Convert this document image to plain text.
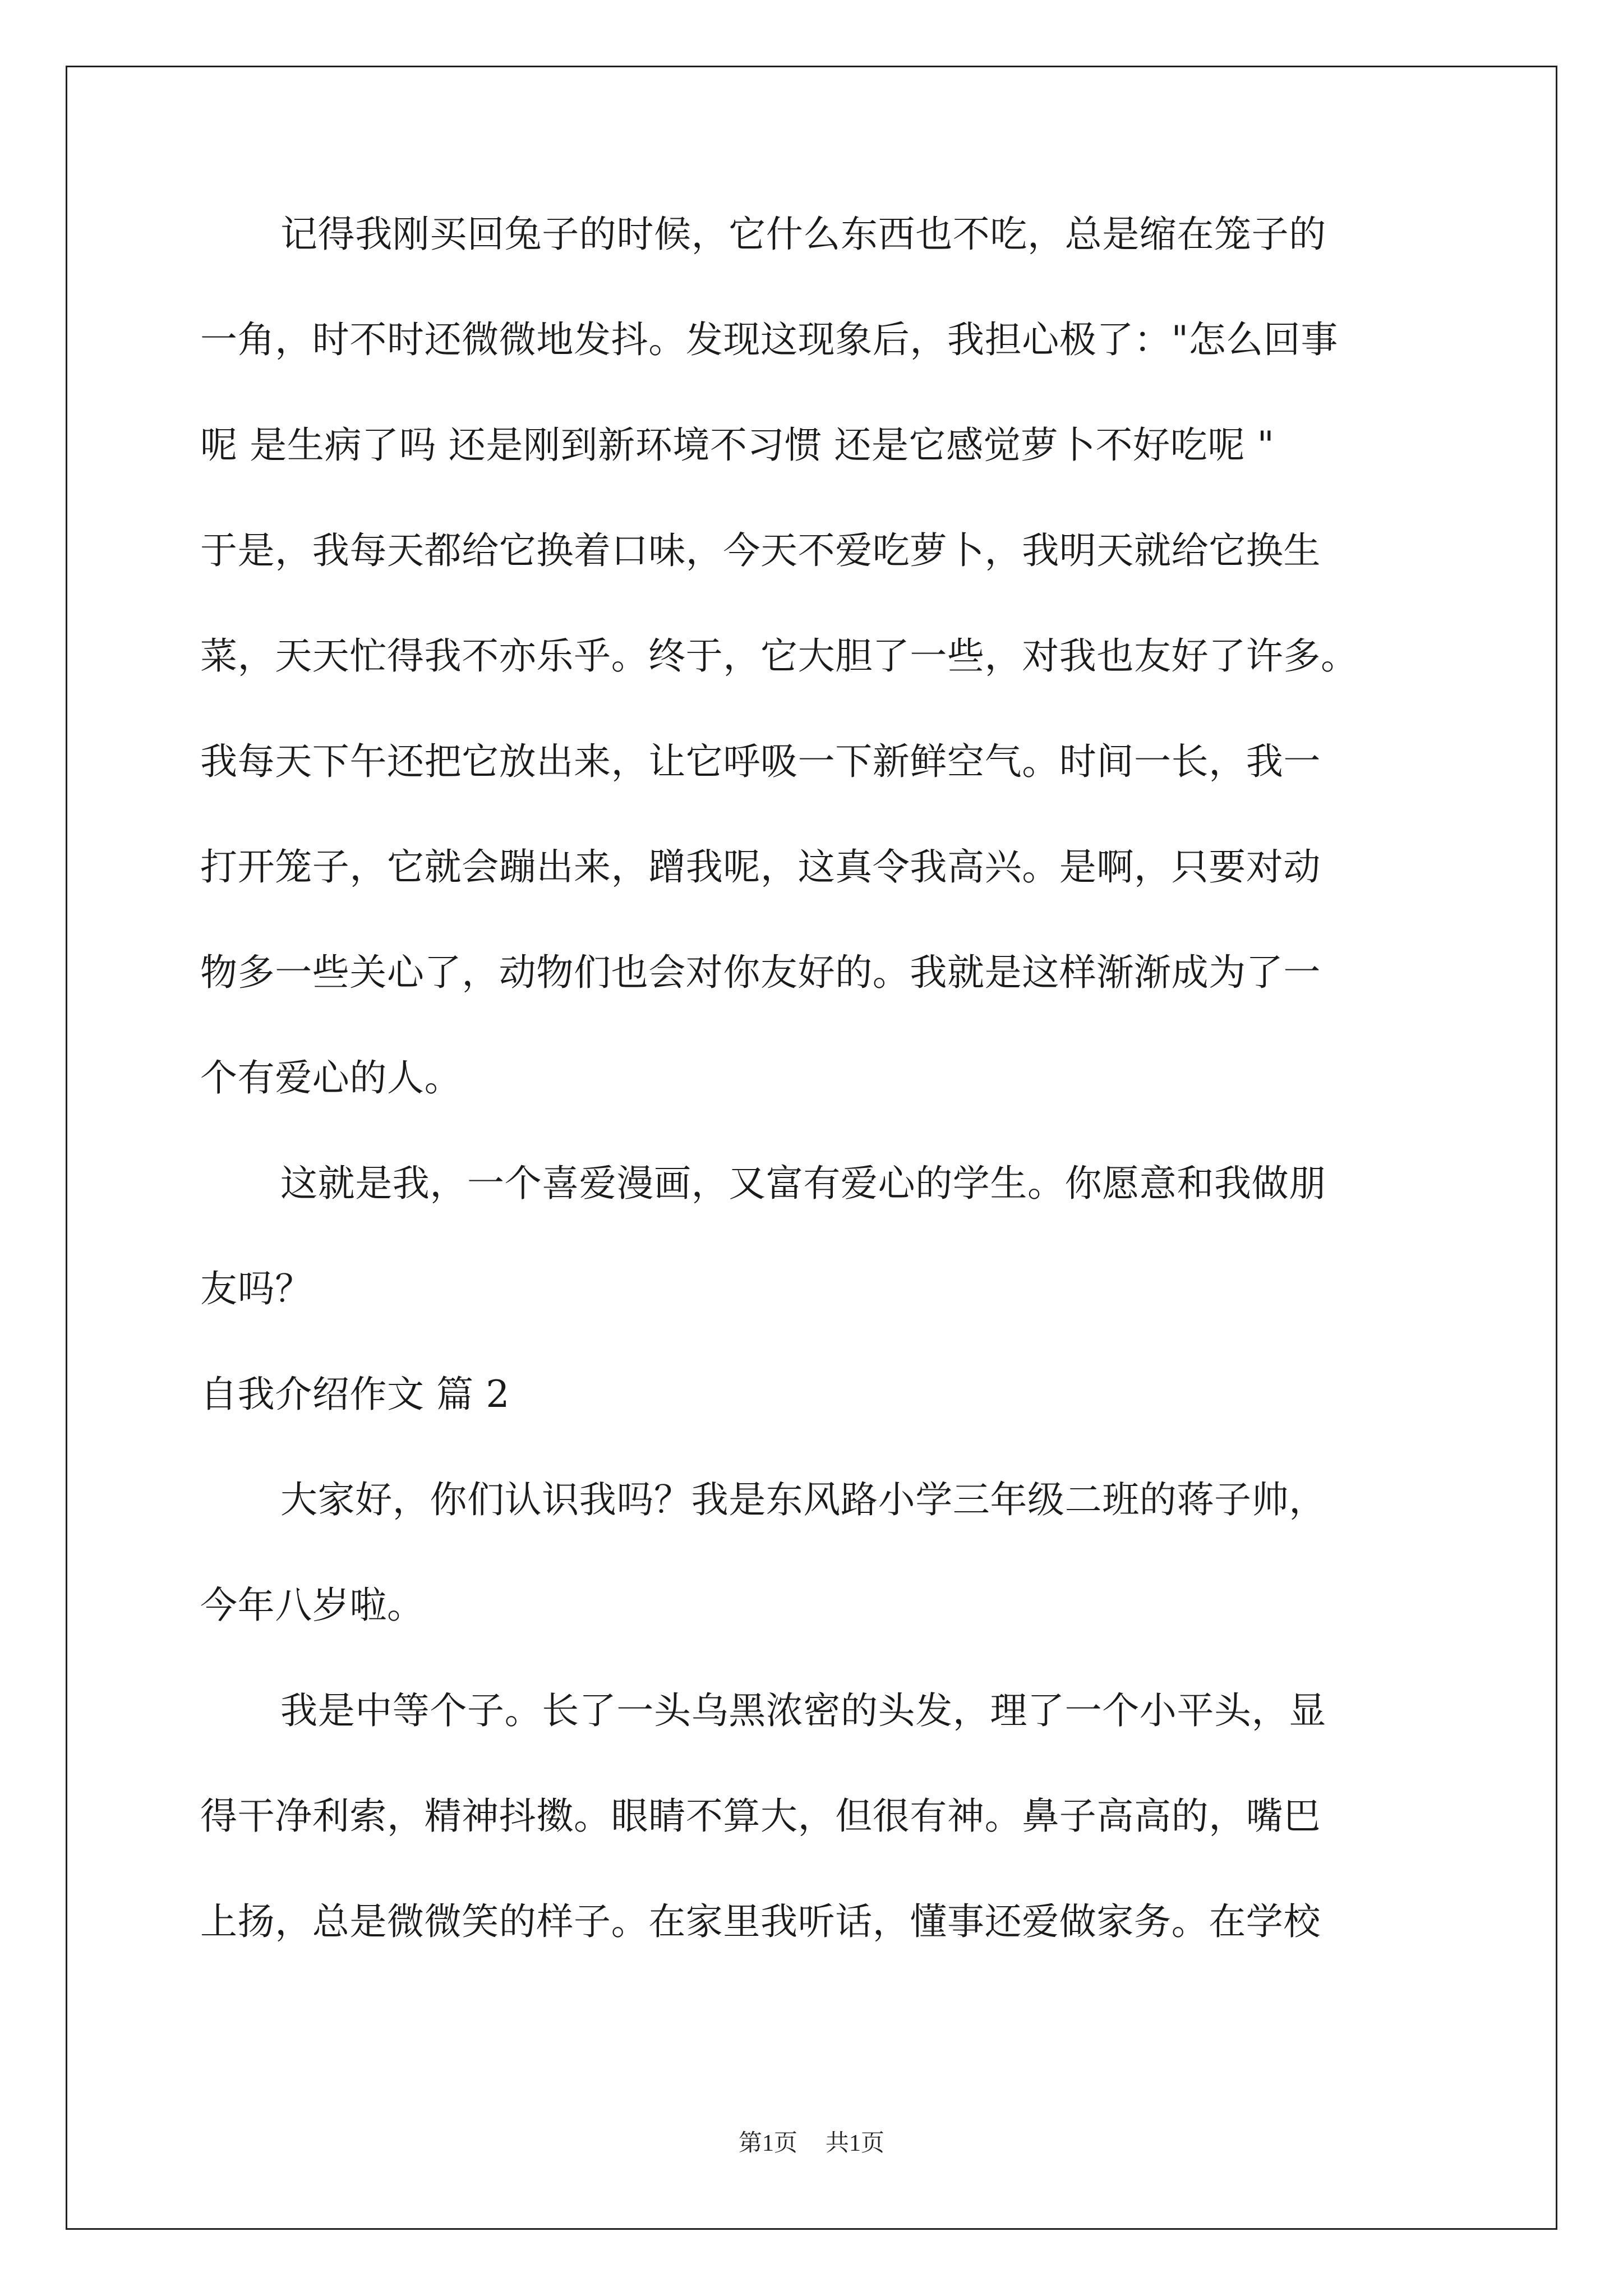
记得我刚买回兔子的时候，它什么东西也不吃，总是缩在笼子的
一角，时不时还微微地发抖。发现这现象后，我担心极了："怎么回事
呢 是生病了吗 还是刚到新环境不习惯 还是它感觉萝卜不好吃呢 "
于是，我每天都给它换着口味，今天不爱吃萝卜，我明天就给它换生
菜，天天忙得我不亦乐乎。终于，它大胆了一些，对我也友好了许多。
我每天下午还把它放出来，让它呼吸一下新鲜空气。时间一长，我一
打开笼子，它就会蹦出来，蹭我呢，这真令我高兴。是啊，只要对动
物多一些关心了，动物们也会对你友好的。我就是这样渐渐成为了一
个有爱心的人。
这就是我，一个喜爱漫画，又富有爱心的学生。你愿意和我做朋
友吗？
自我介绍作文 篇 2
大家好，你们认识我吗？我是东风路小学三年级二班的蒋子帅，
今年八岁啦。
我是中等个子。长了一头乌黑浓密的头发，理了一个小平头，显
得干净利索，精神抖擞。眼睛不算大，但很有神。鼻子高高的，嘴巴
上扬，总是微微笑的样子。在家里我听话，懂事还爱做家务。在学校
第1页 共1页
